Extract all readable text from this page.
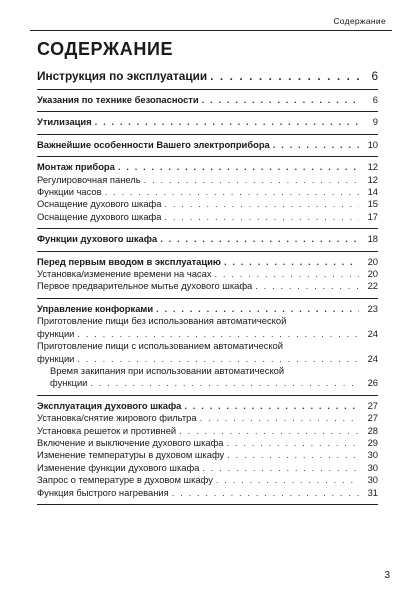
Содержание
СОДЕРЖАНИЕ
Инструкция по эксплуатации . . .	6
Указания по технике безопасности . . .	6
Утилизация . . .	9
Важнейшие особенности Вашего электроприбора . . .	10
Монтаж прибора . . .	12
Регулировочная панель . . .	12
Функции часов . . .	14
Оснащение духового шкафа . . .	15
Оснащение духового шкафа . . .	17
Функции духового шкафа . . .	18
Перед первым вводом в эксплуатацию . . .	20
Установка/изменение времени на часах . . .	20
Первое предварительное мытье духового шкафа . . .	22
Управление конфорками . . .	23
Приготовление пищи без использования автоматической
функции . . .	24
Приготовление пищи с использованием автоматической
функции . . .	24
Время закипания при использовании автоматической
функции . . .	26
Эксплуатация духового шкафа . . .	27
Установка/снятие жирового фильтра . . .	27
Установка решеток и противней . . .	28
Включение и выключение духового шкафа . . .	29
Изменение температуры в духовом шкафу . . .	30
Изменение функции духового шкафа . . .	30
Запрос о температуре в духовом шкафу . . .	30
Функция быстрого нагревания . . .	31
3
